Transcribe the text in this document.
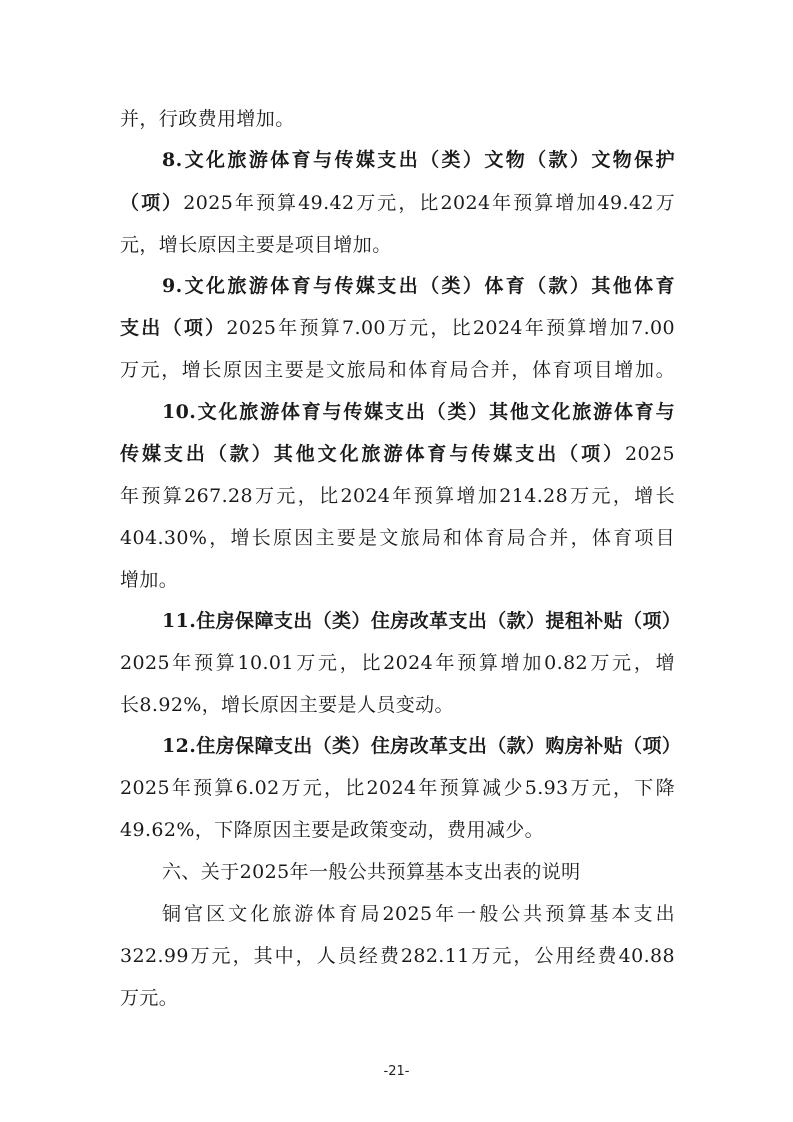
并，行政费用增加。
8.文化旅游体育与传媒支出（类）文物（款）文物保护
（项）2025年预算49.42万元，比2024年预算增加49.42万
元，增长原因主要是项目增加。
9.文化旅游体育与传媒支出（类）体育（款）其他体育
支出（项）2025年预算7.00万元，比2024年预算增加7.00
万元，增长原因主要是文旅局和体育局合并，体育项目增加。
10.文化旅游体育与传媒支出（类）其他文化旅游体育与
传媒支出（款）其他文化旅游体育与传媒支出（项）2025
年预算267.28万元，比2024年预算增加214.28万元，增长
404.30%，增长原因主要是文旅局和体育局合并，体育项目
增加。
11.住房保障支出（类）住房改革支出（款）提租补贴（项）
2025年预算10.01万元，比2024年预算增加0.82万元，增
长8.92%，增长原因主要是人员变动。
12.住房保障支出（类）住房改革支出（款）购房补贴（项）
2025年预算6.02万元，比2024年预算减少5.93万元，下降
49.62%，下降原因主要是政策变动，费用减少。
六、关于2025年一般公共预算基本支出表的说明
铜官区文化旅游体育局2025年一般公共预算基本支出
322.99万元，其中，人员经费282.11万元，公用经费40.88
万元。
-21-
